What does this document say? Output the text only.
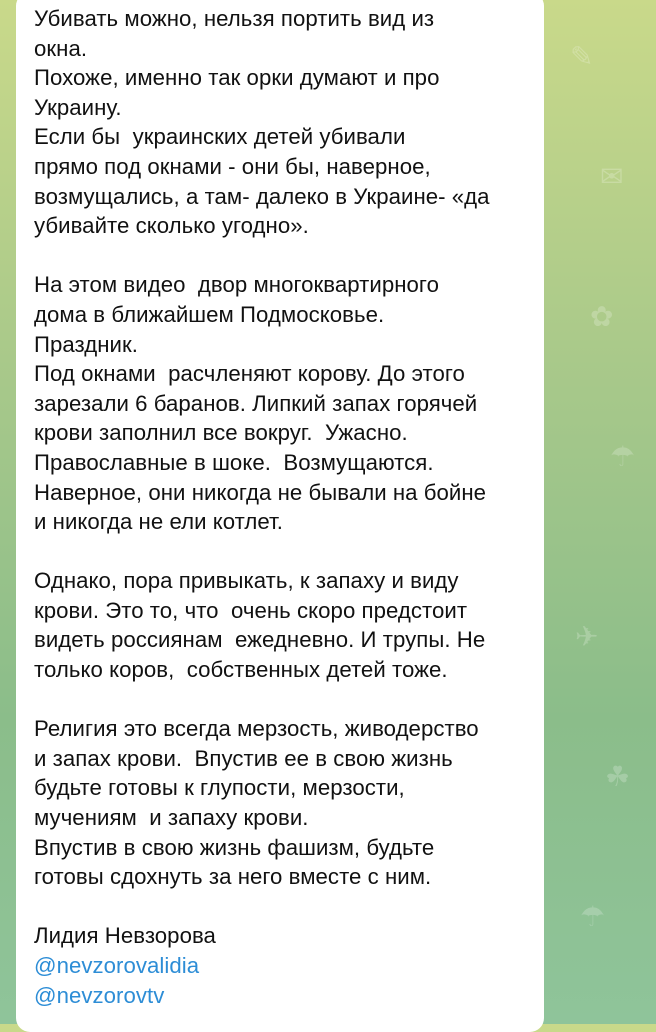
✎
✉
✿
☂
✈
☘
☂
Убивать можно, нельзя портить вид из
окна.
Похоже, именно так орки думают и про
Украину.
Если бы  украинских детей убивали
прямо под окнами - они бы, наверное,
возмущались, а там- далеко в Украине- «да
убивайте сколько угодно».
На этом видео  двор многоквартирного
дома в ближайшем Подмосковье.
Праздник.
Под окнами  расчленяют корову. До этого
зарезали 6 баранов. Липкий запах горячей
крови заполнил все вокруг.  Ужасно.
Православные в шоке.  Возмущаются.
Наверное, они никогда не бывали на бойне
и никогда не ели котлет.
Однако, пора привыкать, к запаху и виду
крови. Это то, что  очень скоро предстоит
видеть россиянам  ежедневно. И трупы. Не
только коров,  собственных детей тоже.
Религия это всегда мерзость, живодерство
и запах крови.  Впустив ее в свою жизнь
будьте готовы к глупости, мерзости,
мучениям  и запаху крови.
Впустив в свою жизнь фашизм, будьте
готовы сдохнуть за него вместе с ним.
Лидия Невзорова
@nevzorovalidia
@nevzorovtv
